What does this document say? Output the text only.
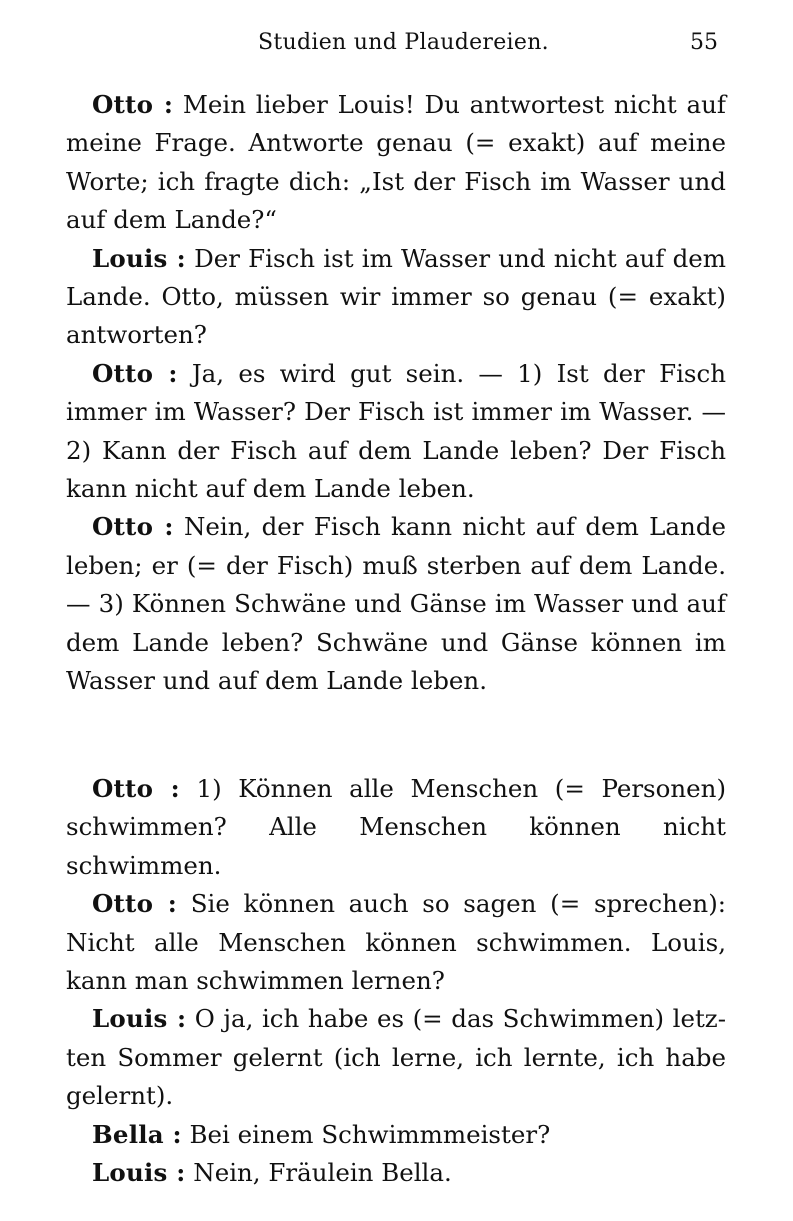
Studien und Plaudereien.	55

Otto : Mein lieber Louis! Du antwortest nicht auf meine Frage. Antworte genau (= exakt) auf meine Worte; ich fragte dich: „Ist der Fisch im Wasser und auf dem Lande?“

Louis : Der Fisch ist im Wasser und nicht auf dem Lande. Otto, müssen wir immer so genau (= exakt) antworten?

Otto : Ja, es wird gut sein. — 1) Ist der Fisch immer im Wasser? Der Fisch ist immer im Wasser. — 2) Kann der Fisch auf dem Lande leben? Der Fisch kann nicht auf dem Lande leben.

Otto : Nein, der Fisch kann nicht auf dem Lande leben; er (= der Fisch) muß sterben auf dem Lande. — 3) Können Schwäne und Gänse im Wasser und auf dem Lande leben? Schwäne und Gänse können im Wasser und auf dem Lande leben.

Otto : 1) Können alle Menschen (= Personen) schwimmen? Alle Menschen können nicht schwimmen.

Otto : Sie können auch so sagen (= sprechen): Nicht alle Menschen können schwimmen. Louis, kann man schwimmen lernen?

Louis : O ja, ich habe es (= das Schwimmen) letzten Sommer gelernt (ich lerne, ich lernte, ich habe gelernt).

Bella : Bei einem Schwimmmeister?

Louis : Nein, Fräulein Bella.
